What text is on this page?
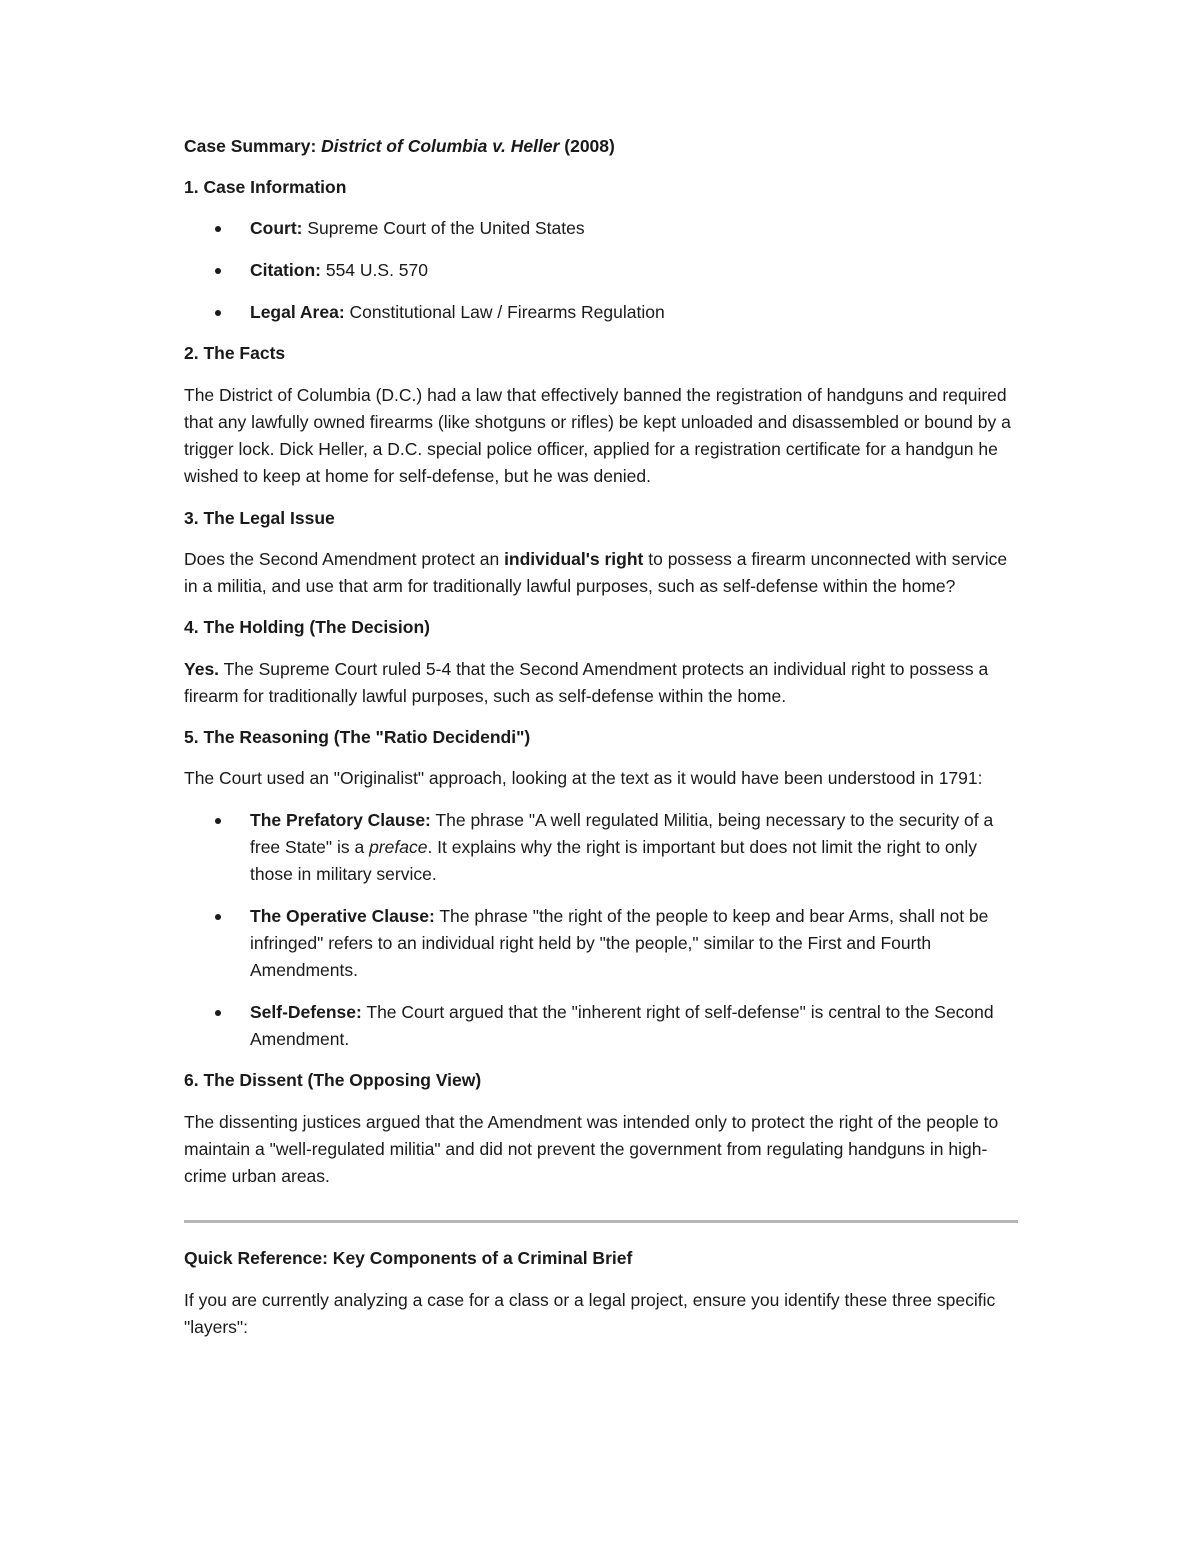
Case Summary: District of Columbia v. Heller (2008)

1. Case Information

Court: Supreme Court of the United States
Citation: 554 U.S. 570
Legal Area: Constitutional Law / Firearms Regulation

2. The Facts

The District of Columbia (D.C.) had a law that effectively banned the registration of handguns and required that any lawfully owned firearms (like shotguns or rifles) be kept unloaded and disassembled or bound by a trigger lock. Dick Heller, a D.C. special police officer, applied for a registration certificate for a handgun he wished to keep at home for self-defense, but he was denied.

3. The Legal Issue

Does the Second Amendment protect an individual's right to possess a firearm unconnected with service in a militia, and use that arm for traditionally lawful purposes, such as self-defense within the home?

4. The Holding (The Decision)

Yes. The Supreme Court ruled 5-4 that the Second Amendment protects an individual right to possess a firearm for traditionally lawful purposes, such as self-defense within the home.

5. The Reasoning (The "Ratio Decidendi")

The Court used an "Originalist" approach, looking at the text as it would have been understood in 1791:

The Prefatory Clause: The phrase "A well regulated Militia, being necessary to the security of a free State" is a preface. It explains why the right is important but does not limit the right to only those in military service.
The Operative Clause: The phrase "the right of the people to keep and bear Arms, shall not be infringed" refers to an individual right held by "the people," similar to the First and Fourth Amendments.
Self-Defense: The Court argued that the "inherent right of self-defense" is central to the Second Amendment.

6. The Dissent (The Opposing View)

The dissenting justices argued that the Amendment was intended only to protect the right of the people to maintain a "well-regulated militia" and did not prevent the government from regulating handguns in high-crime urban areas.

Quick Reference: Key Components of a Criminal Brief

If you are currently analyzing a case for a class or a legal project, ensure you identify these three specific "layers":
